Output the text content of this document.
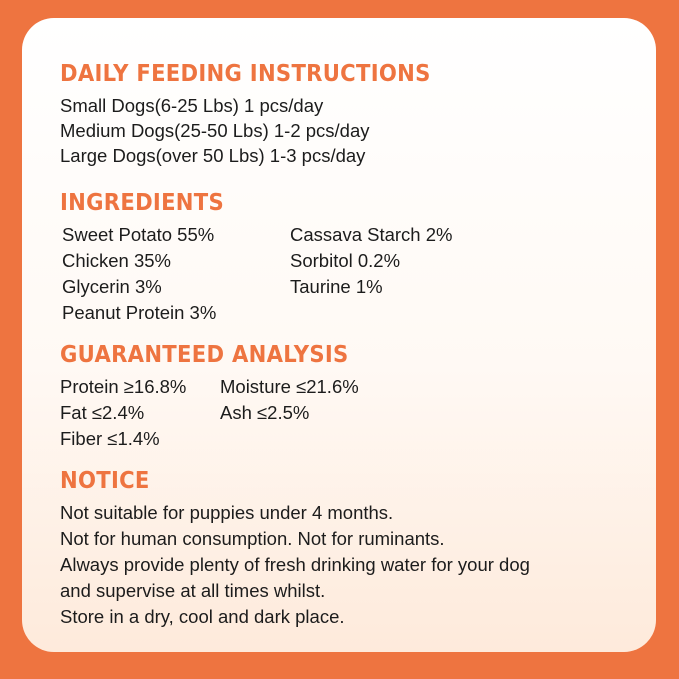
DAILY FEEDING INSTRUCTIONS
Small Dogs(6-25 Lbs) 1 pcs/day
Medium Dogs(25-50 Lbs) 1-2 pcs/day
Large Dogs(over 50 Lbs) 1-3 pcs/day
INGREDIENTS
Sweet Potato 55%
Chicken 35%
Glycerin 3%
Peanut Protein 3%
Cassava Starch 2%
Sorbitol 0.2%
Taurine 1%
GUARANTEED ANALYSIS
Protein ≥16.8%
Fat ≤2.4%
Fiber ≤1.4%
Moisture ≤21.6%
Ash ≤2.5%
NOTICE
Not suitable for puppies under 4 months.
Not for human consumption. Not for ruminants.
Always provide plenty of fresh drinking water for your dog
and supervise at all times whilst.
Store in a dry, cool and dark place.
